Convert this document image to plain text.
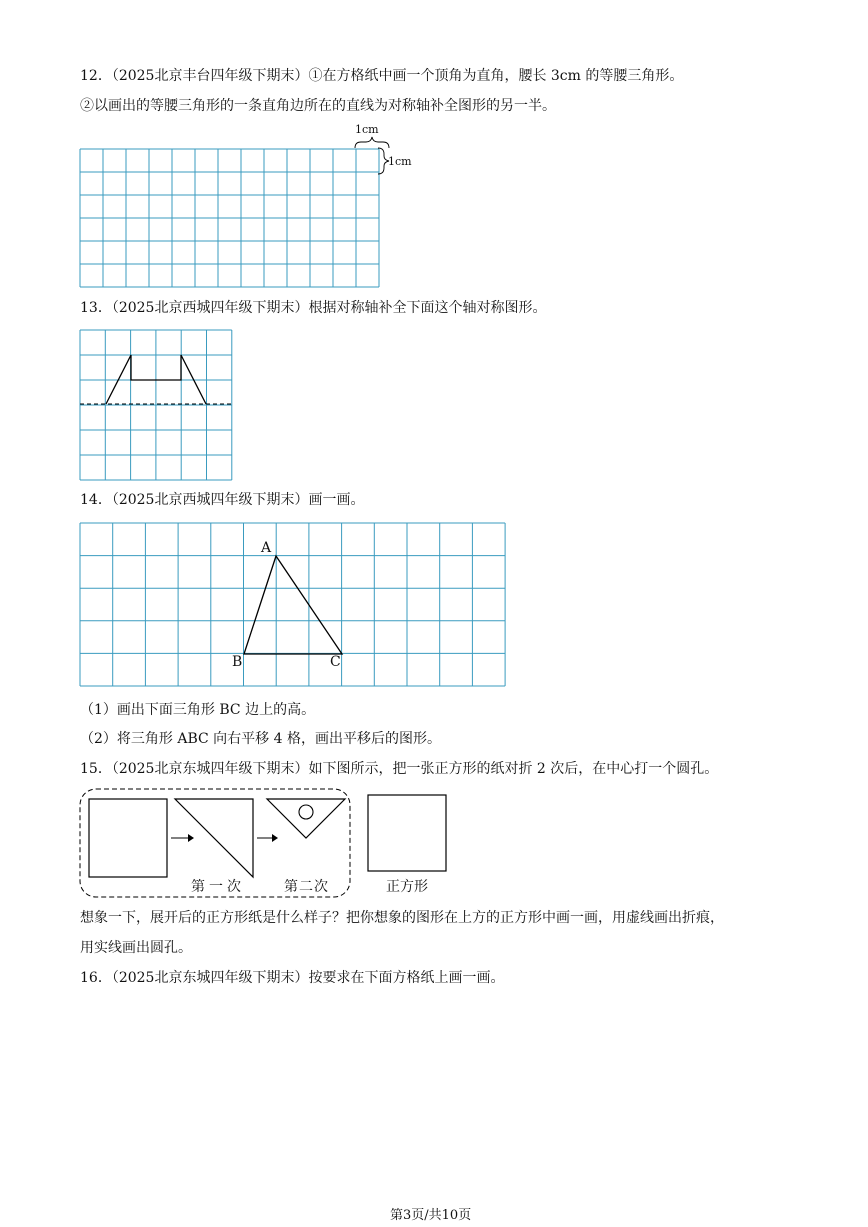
12．（2025北京丰台四年级下期末）①在方格纸中画一个顶角为直角，腰长 3cm 的等腰三角形。
②以画出的等腰三角形的一条直角边所在的直线为对称轴补全图形的另一半。
1cm
1cm
13．（2025北京西城四年级下期末）根据对称轴补全下面这个轴对称图形。
14．（2025北京西城四年级下期末）画一画。
A
B	C
（1）画出下面三角形 BC 边上的高。
（2）将三角形 ABC 向右平移 4 格，画出平移后的图形。
15．（2025北京东城四年级下期末）如下图所示，把一张正方形的纸对折 2 次后，在中心打一个圆孔。
第一次	第二次	正方形
想象一下，展开后的正方形纸是什么样子？把你想象的图形在上方的正方形中画一画，用虚线画出折痕，
用实线画出圆孔。
16．（2025北京东城四年级下期末）按要求在下面方格纸上画一画。
第3页/共10页
